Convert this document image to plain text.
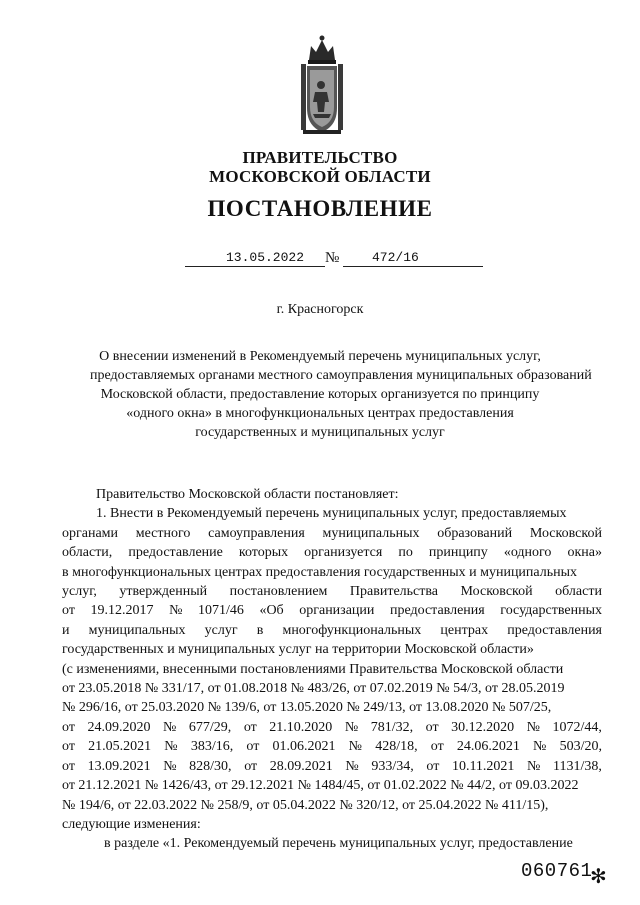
ПРАВИТЕЛЬСТВО
МОСКОВСКОЙ ОБЛАСТИ
ПОСТАНОВЛЕНИЕ
13.05.2022 №	472/16
г. Красногорск
О внесении изменений в Рекомендуемый перечень муниципальных услуг,
предоставляемых органами местного самоуправления муниципальных образований
Московской области, предоставление которых организуется по принципу
«одного окна» в многофункциональных центрах предоставления
государственных и муниципальных услуг
Правительство Московской области постановляет:
1. Внести в Рекомендуемый перечень муниципальных услуг, предоставляемых
органами местного самоуправления муниципальных образований Московской
области, предоставление которых организуется по принципу «одного окна»
в многофункциональных центрах предоставления государственных и муниципальных
услуг, утвержденный постановлением Правительства Московской области
от 19.12.2017 № 1071/46 «Об организации предоставления государственных
и муниципальных услуг в многофункциональных центрах предоставления
государственных и муниципальных услуг на территории Московской области»
(с изменениями, внесенными постановлениями Правительства Московской области
от 23.05.2018 № 331/17, от 01.08.2018 № 483/26, от 07.02.2019 № 54/3, от 28.05.2019
№ 296/16, от 25.03.2020 № 139/6, от 13.05.2020 № 249/13, от 13.08.2020 № 507/25,
от 24.09.2020 № 677/29, от 21.10.2020 № 781/32, от 30.12.2020 № 1072/44,
от 21.05.2021 № 383/16, от 01.06.2021 № 428/18, от 24.06.2021 № 503/20,
от 13.09.2021 № 828/30, от 28.09.2021 № 933/34, от 10.11.2021 № 1131/38,
от 21.12.2021 № 1426/43, от 29.12.2021 № 1484/45, от 01.02.2022 № 44/2, от 09.03.2022
№ 194/6, от 22.03.2022 № 258/9, от 05.04.2022 № 320/12, от 25.04.2022 № 411/15),
следующие изменения:
в разделе «1. Рекомендуемый перечень муниципальных услуг, предоставление
060761
✻
